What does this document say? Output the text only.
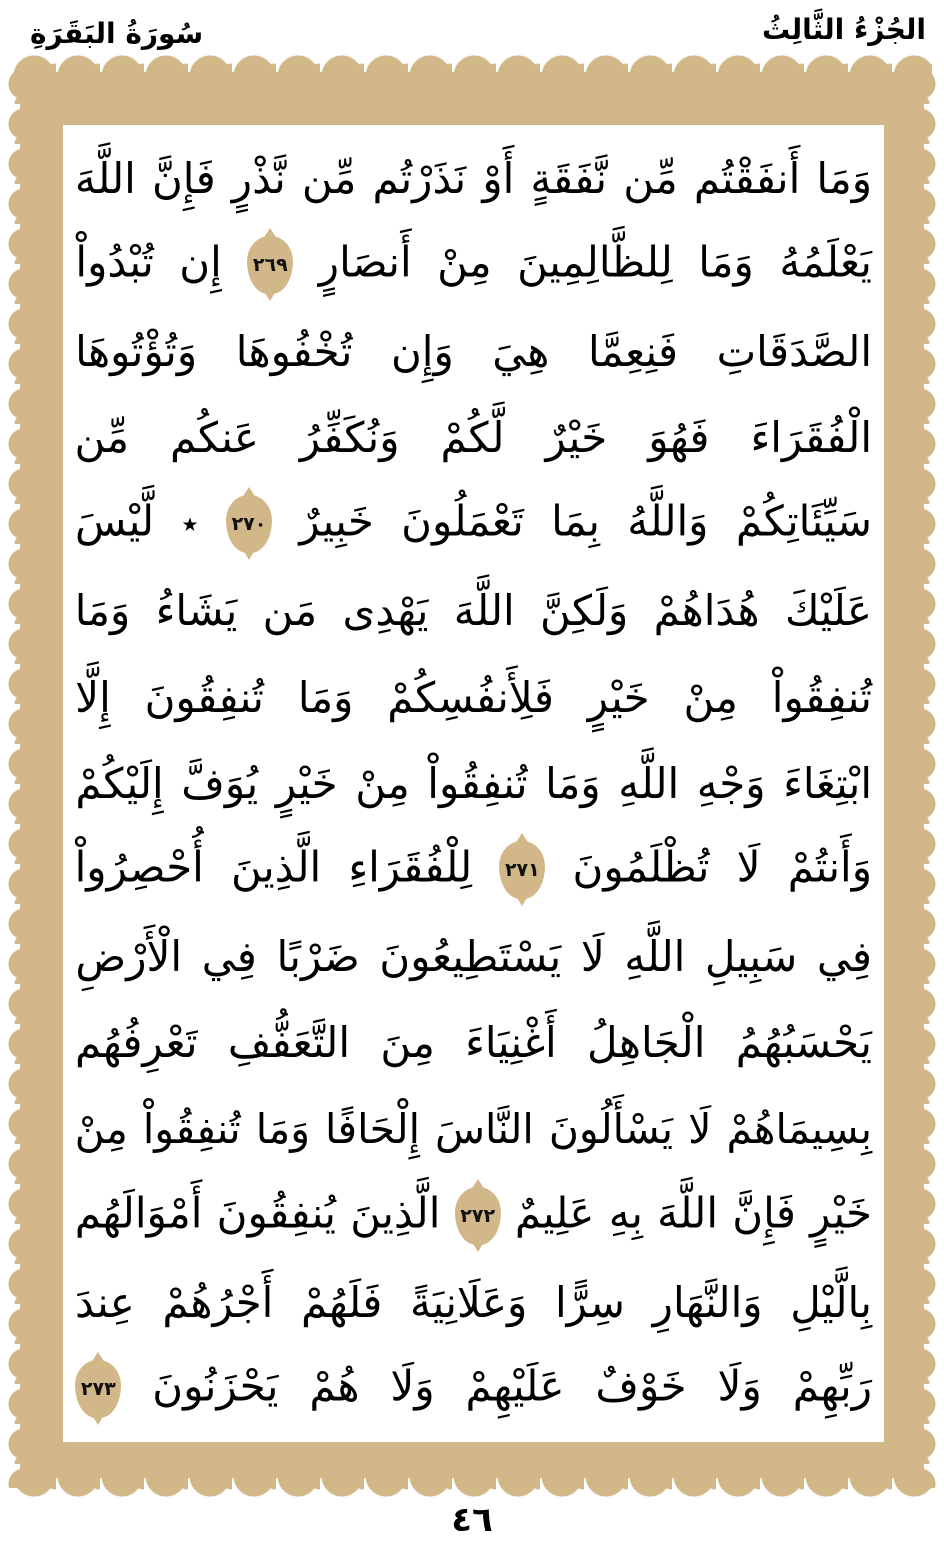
الجُزْءُ الثَّالِثُ
سُورَةُ البَقَرَةِ
وَمَا أَنفَقْتُم مِّن نَّفَقَةٍ أَوْ نَذَرْتُم مِّن نَّذْرٍ فَإِنَّ اللَّهَ
يَعْلَمُهُ وَمَا لِلظَّالِمِينَ مِنْ أَنصَارٍ
٢٦٩
إِن تُبْدُواْ
الصَّدَقَاتِ فَنِعِمَّا هِيَ وَإِن تُخْفُوهَا وَتُؤْتُوهَا
الْفُقَرَاءَ فَهُوَ خَيْرٌ لَّكُمْ وَنُكَفِّرُ عَنكُم مِّن
سَيِّئَاتِكُمْ وَاللَّهُ بِمَا تَعْمَلُونَ خَبِيرٌ
٢٧٠
٭ لَّيْسَ
عَلَيْكَ هُدَاهُمْ وَلَكِنَّ اللَّهَ يَهْدِى مَن يَشَاءُ وَمَا
تُنفِقُواْ مِنْ خَيْرٍ فَلِأَنفُسِكُمْ وَمَا تُنفِقُونَ إِلَّا
ابْتِغَاءَ وَجْهِ اللَّهِ وَمَا تُنفِقُواْ مِنْ خَيْرٍ يُوَفَّ إِلَيْكُمْ
وَأَنتُمْ لَا تُظْلَمُونَ
٢٧١
لِلْفُقَرَاءِ الَّذِينَ أُحْصِرُواْ
فِي سَبِيلِ اللَّهِ لَا يَسْتَطِيعُونَ ضَرْبًا فِي الْأَرْضِ
يَحْسَبُهُمُ الْجَاهِلُ أَغْنِيَاءَ مِنَ التَّعَفُّفِ تَعْرِفُهُم
بِسِيمَاهُمْ لَا يَسْأَلُونَ النَّاسَ إِلْحَافًا وَمَا تُنفِقُواْ مِنْ
خَيْرٍ فَإِنَّ اللَّهَ بِهِ عَلِيمٌ
٢٧٢
الَّذِينَ يُنفِقُونَ أَمْوَالَهُم
بِالَّيْلِ وَالنَّهَارِ سِرًّا وَعَلَانِيَةً فَلَهُمْ أَجْرُهُمْ عِندَ
رَبِّهِمْ وَلَا خَوْفٌ عَلَيْهِمْ وَلَا هُمْ يَحْزَنُونَ
٢٧٣
٤٦
